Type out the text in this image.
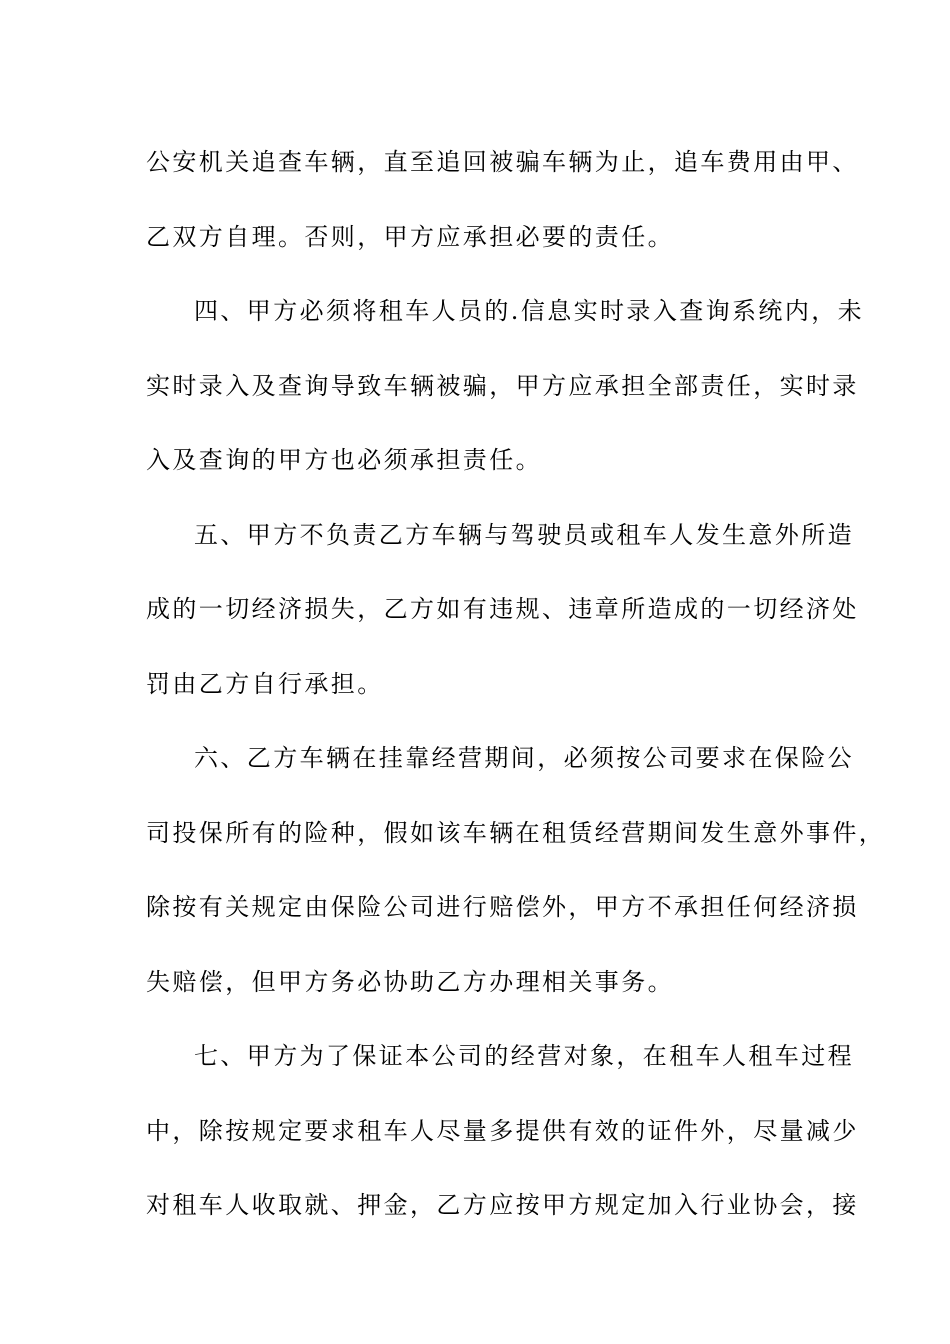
公安机关追查车辆，直至追回被骗车辆为止，追车费用由甲、
乙双方自理。否则，甲方应承担必要的责任。
四、甲方必须将租车人员的.信息实时录入查询系统内，未
实时录入及查询导致车辆被骗，甲方应承担全部责任，实时录
入及查询的甲方也必须承担责任。
五、甲方不负责乙方车辆与驾驶员或租车人发生意外所造
成的一切经济损失，乙方如有违规、违章所造成的一切经济处
罚由乙方自行承担。
六、乙方车辆在挂靠经营期间，必须按公司要求在保险公
司投保所有的险种，假如该车辆在租赁经营期间发生意外事件，
除按有关规定由保险公司进行赔偿外，甲方不承担任何经济损
失赔偿，但甲方务必协助乙方办理相关事务。
七、甲方为了保证本公司的经营对象，在租车人租车过程
中，除按规定要求租车人尽量多提供有效的证件外，尽量减少
对租车人收取就、押金，乙方应按甲方规定加入行业协会，接
